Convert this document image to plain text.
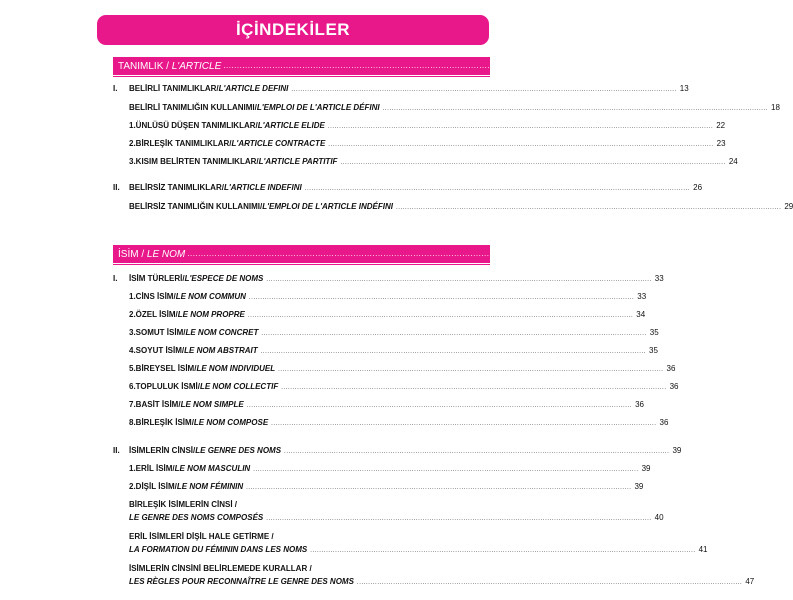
İÇİNDEKİLER
TANIMLIK / L'ARTICLE .......................................................................................................................................................................... 13
I. BELİRLİ TANIMLIKLAR / L'ARTICLE DEFINI .......................................................................................................................................................................... 13
BELİRLİ TANIMLIĞIN KULLANIMI / L'EMPLOI DE L'ARTICLE DÉFINI .......................................................................................................................................................................... 18
1. ÜNLÜSÜ DÜŞEN TANIMLIKLAR / L'ARTICLE ELIDE .......................................................................................................................................................................... 22
2. BİRLEŞİK TANIMLIKLAR / L'ARTICLE CONTRACTE .......................................................................................................................................................................... 23
3. KISIM BELİRTEN TANIMLIKLAR / L'ARTICLE PARTITIF .......................................................................................................................................................................... 24
II. BELİRSİZ TANIMLIKLAR / L'ARTICLE INDEFINI .......................................................................................................................................................................... 26
BELİRSİZ TANIMLIĞIN KULLANIMI / L'EMPLOI DE L'ARTICLE INDÉFINI .......................................................................................................................................................................... 29
İSİM / LE NOM .......................................................................................................................................................................... 33
I. İSİM TÜRLERİ / L'ESPECE DE NOMS .......................................................................................................................................................................... 33
1. CİNS İSİM / LE NOM COMMUN .......................................................................................................................................................................... 33
2. ÖZEL İSİM / LE NOM PROPRE .......................................................................................................................................................................... 34
3. SOMUT İSİM / LE NOM CONCRET .......................................................................................................................................................................... 35
4. SOYUT İSİM / LE NOM ABSTRAIT .......................................................................................................................................................................... 35
5. BİREYSEL İSİM / LE NOM INDIVIDUEL .......................................................................................................................................................................... 36
6. TOPLULUK İSMİ / LE NOM COLLECTIF .......................................................................................................................................................................... 36
7. BASİT İSİM / LE NOM SIMPLE .......................................................................................................................................................................... 36
8. BİRLEŞİK İSİM / LE NOM COMPOSE .......................................................................................................................................................................... 36
II. İSİMLERİN CİNSİ / LE GENRE DES NOMS .......................................................................................................................................................................... 39
1. ERİL İSİM / LE NOM MASCULIN .......................................................................................................................................................................... 39
2. DİŞİL İSİM / LE NOM FÉMININ .......................................................................................................................................................................... 39
BİRLEŞİK İSİMLERİN CİNSİ /
LE GENRE DES NOMS COMPOSÉS .......................................................................................................................................................................... 40
ERİL İSİMLERİ DİŞİL HALE GETİRME /
LA FORMATION DU FÉMININ DANS LES NOMS .......................................................................................................................................................................... 41
İSİMLERİN CİNSİNİ BELİRLEMEDE KURALLAR /
LES RÈGLES POUR RECONNAÎTRE LE GENRE DES NOMS .......................................................................................................................................................................... 47
